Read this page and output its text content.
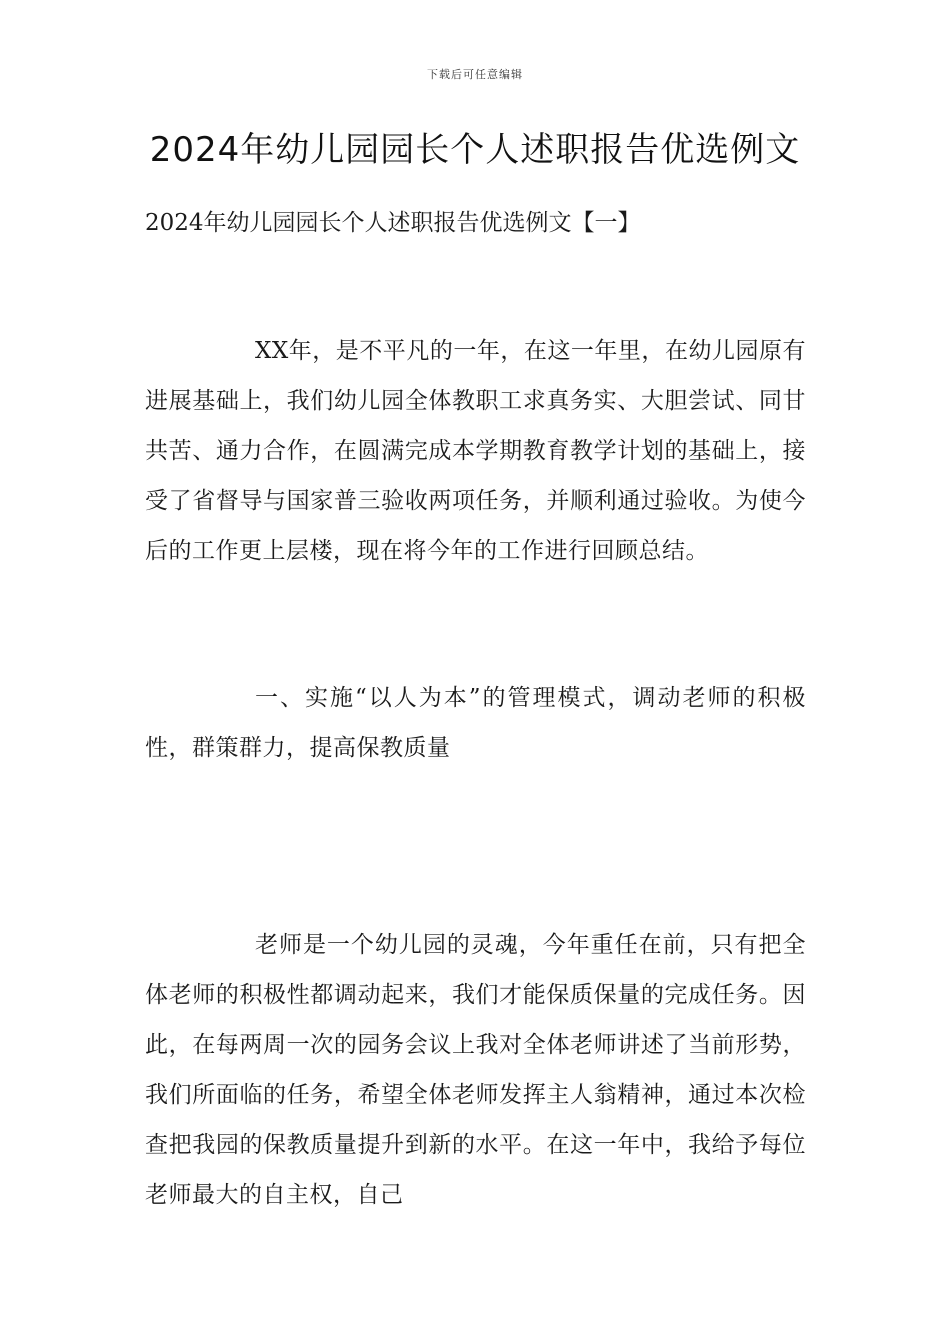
下载后可任意编辑
2024年幼儿园园长个人述职报告优选例文

2024年幼儿园园长个人述职报告优选例文【一】

XX年，是不平凡的一年，在这一年里，在幼儿园原有进展基础上，我们幼儿园全体教职工求真务实、大胆尝试、同甘共苦、通力合作，在圆满完成本学期教育教学计划的基础上，接受了省督导与国家普三验收两项任务，并顺利通过验收。为使今后的工作更上层楼，现在将今年的工作进行回顾总结。

一、实施“以人为本”的管理模式，调动老师的积极性，群策群力，提高保教质量

老师是一个幼儿园的灵魂，今年重任在前，只有把全体老师的积极性都调动起来，我们才能保质保量的完成任务。因此，在每两周一次的园务会议上我对全体老师讲述了当前形势，我们所面临的任务，希望全体老师发挥主人翁精神，通过本次检查把我园的保教质量提升到新的水平。在这一年中，我给予每位老师最大的自主权，自己
